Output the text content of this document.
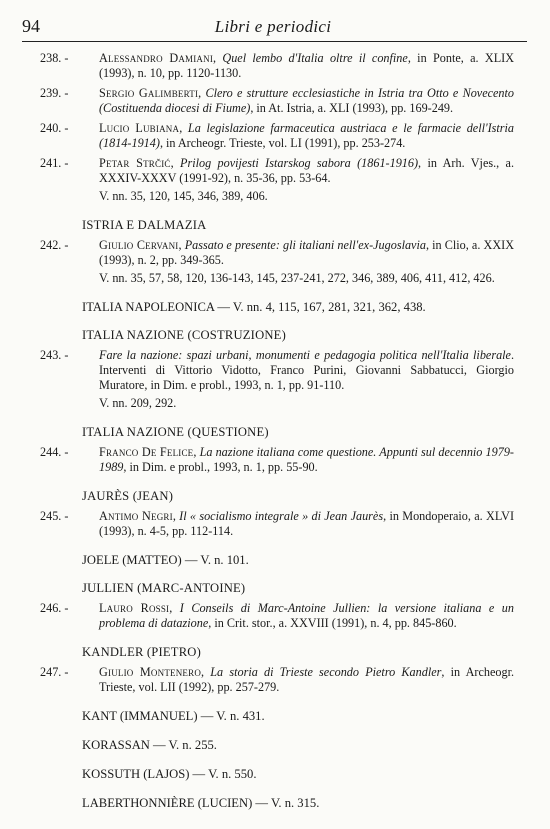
94	Libri e periodici
238. -	Alessandro Damiani, Quel lembo d'Italia oltre il confine, in Ponte, a. XLIX (1993), n. 10, pp. 1120-1130.
239. -	Sergio Galimberti, Clero e strutture ecclesiastiche in Istria tra Otto e Novecento (Costituenda diocesi di Fiume), in At. Istria, a. XLI (1993), pp. 169-249.
240. -	Lucio Lubiana, La legislazione farmaceutica austriaca e le farmacie dell'Istria (1814-1914), in Archeogr. Trieste, vol. LI (1991), pp. 253-274.
241. -	Petar Strčić, Prilog povijesti Istarskog sabora (1861-1916), in Arh. Vjes., a. XXXIV-XXXV (1991-92), n. 35-36, pp. 53-64.
V. nn. 35, 120, 145, 346, 389, 406.
ISTRIA E DALMAZIA
242. -	Giulio Cervani, Passato e presente: gli italiani nell'ex-Jugoslavia, in Clio, a. XXIX (1993), n. 2, pp. 349-365.
V. nn. 35, 57, 58, 120, 136-143, 145, 237-241, 272, 346, 389, 406, 411, 412, 426.
ITALIA NAPOLEONICA — V. nn. 4, 115, 167, 281, 321, 362, 438.
ITALIA NAZIONE (COSTRUZIONE)
243. -	Fare la nazione: spazi urbani, monumenti e pedagogia politica nell'Italia liberale. Interventi di Vittorio Vidotto, Franco Purini, Giovanni Sabbatucci, Giorgio Muratore, in Dim. e probl., 1993, n. 1, pp. 91-110.
V. nn. 209, 292.
ITALIA NAZIONE (QUESTIONE)
244. -	Franco De Felice, La nazione italiana come questione. Appunti sul decennio 1979-1989, in Dim. e probl., 1993, n. 1, pp. 55-90.
JAURÈS (JEAN)
245. -	Antimo Negri, Il « socialismo integrale » di Jean Jaurès, in Mondoperaio, a. XLVI (1993), n. 4-5, pp. 112-114.
JOELE (MATTEO) — V. n. 101.
JULLIEN (MARC-ANTOINE)
246. -	Lauro Rossi, I Conseils di Marc-Antoine Jullien: la versione italiana e un problema di datazione, in Crit. stor., a. XXVIII (1991), n. 4, pp. 845-860.
KANDLER (PIETRO)
247. -	Giulio Montenero, La storia di Trieste secondo Pietro Kandler, in Archeogr. Trieste, vol. LII (1992), pp. 257-279.
KANT (IMMANUEL) — V. n. 431.
KORASSAN — V. n. 255.
KOSSUTH (LAJOS) — V. n. 550.
LABERTHONNIÈRE (LUCIEN) — V. n. 315.
